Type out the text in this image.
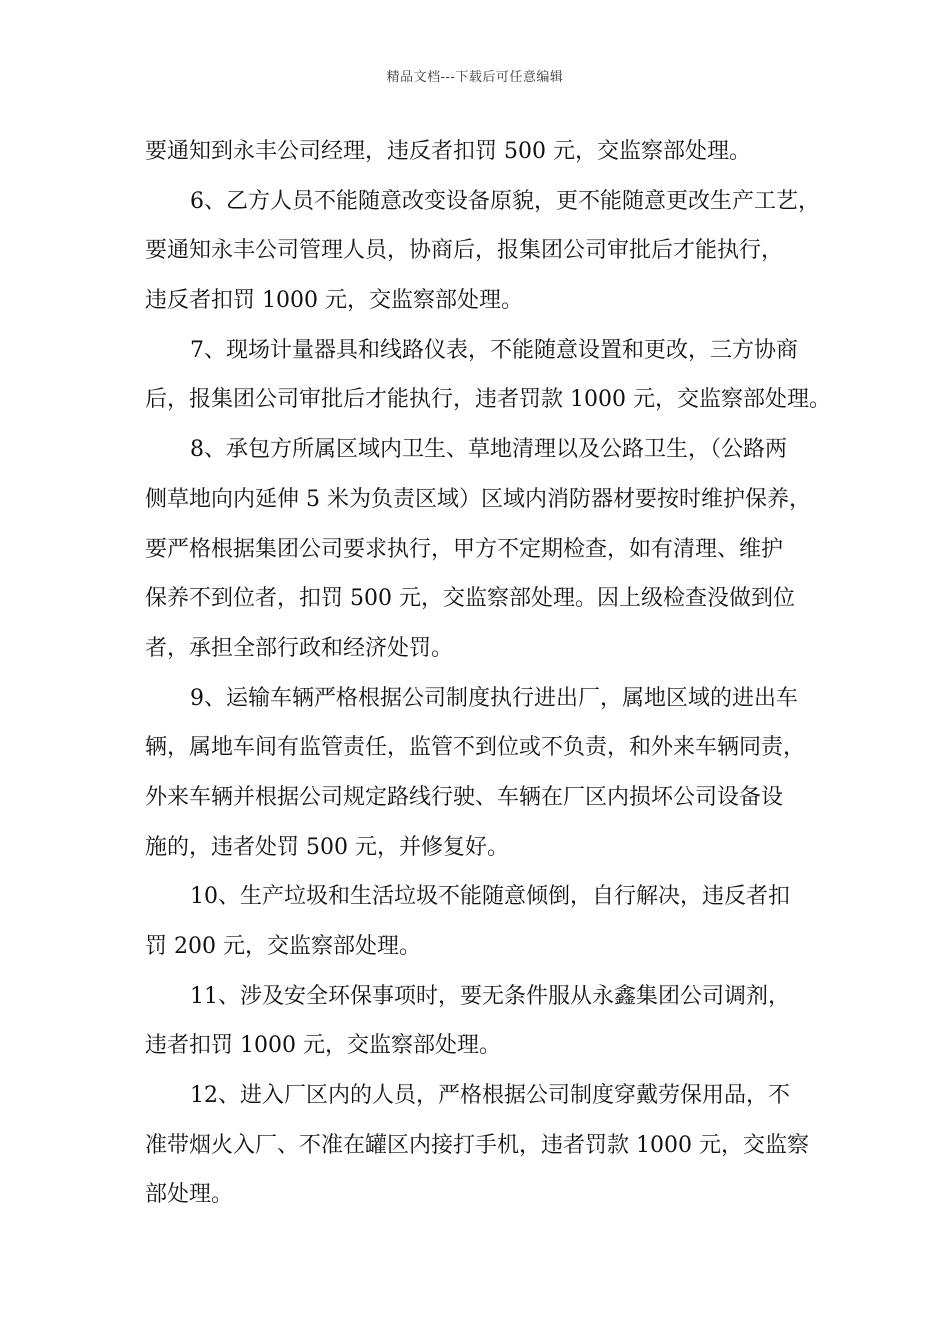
精品文档---下载后可任意编辑
要通知到永丰公司经理，违反者扣罚 500 元，交监察部处理。
6、乙方人员不能随意改变设备原貌，更不能随意更改生产工艺，
要通知永丰公司管理人员，协商后，报集团公司审批后才能执行，
违反者扣罚 1000 元，交监察部处理。
7、现场计量器具和线路仪表，不能随意设置和更改，三方协商
后，报集团公司审批后才能执行，违者罚款 1000 元，交监察部处理。
8、承包方所属区域内卫生、草地清理以及公路卫生，（公路两
侧草地向内延伸 5 米为负责区域）区域内消防器材要按时维护保养，
要严格根据集团公司要求执行，甲方不定期检查，如有清理、维护
保养不到位者，扣罚 500 元，交监察部处理。因上级检查没做到位
者，承担全部行政和经济处罚。
9、运输车辆严格根据公司制度执行进出厂，属地区域的进出车
辆，属地车间有监管责任，监管不到位或不负责，和外来车辆同责，
外来车辆并根据公司规定路线行驶、车辆在厂区内损坏公司设备设
施的，违者处罚 500 元，并修复好。
10、生产垃圾和生活垃圾不能随意倾倒，自行解决，违反者扣
罚 200 元，交监察部处理。
11、涉及安全环保事项时，要无条件服从永鑫集团公司调剂，
违者扣罚 1000 元，交监察部处理。
12、进入厂区内的人员，严格根据公司制度穿戴劳保用品，不
准带烟火入厂、不准在罐区内接打手机，违者罚款 1000 元，交监察
部处理。
